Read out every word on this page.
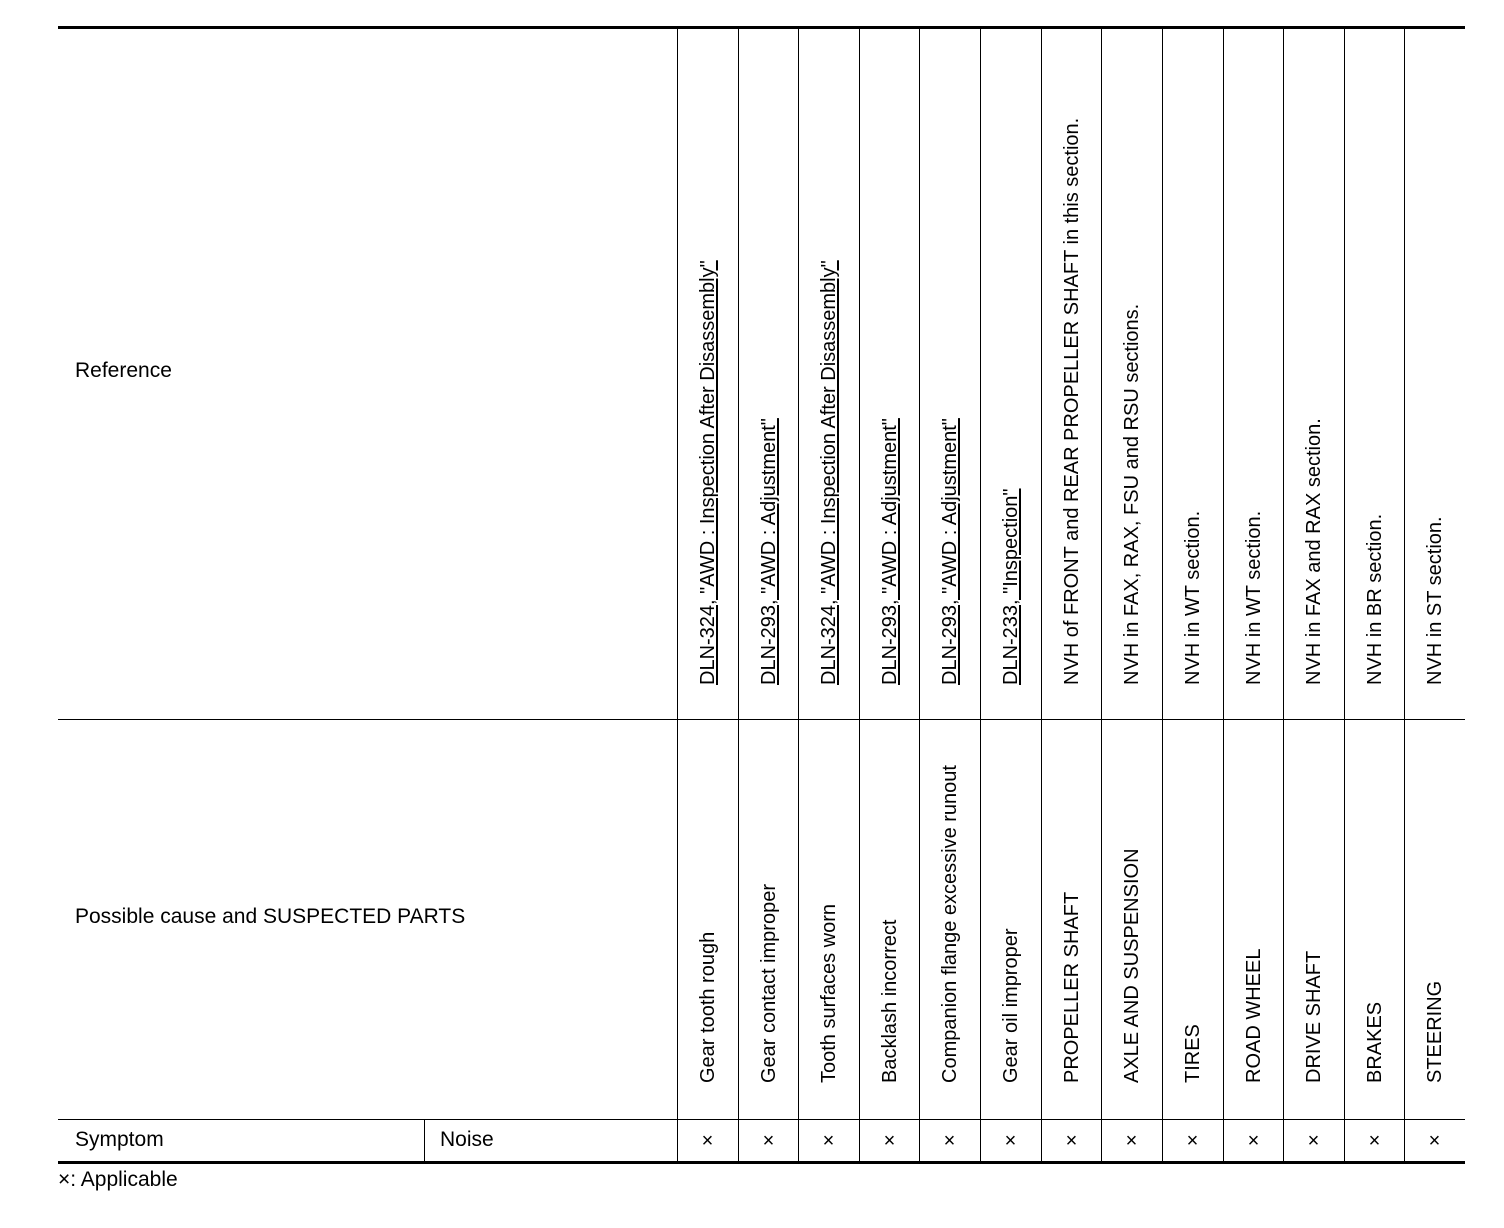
Reference
Possible cause and SUSPECTED PARTS
Symptom	Noise
DLN-324, "AWD : Inspection After Disassembly"
Gear tooth rough
×
DLN-293, "AWD : Adjustment"
Gear contact improper
×
DLN-324, "AWD : Inspection After Disassembly"
Tooth surfaces worn
×
DLN-293, "AWD : Adjustment"
Backlash incorrect
×
DLN-293, "AWD : Adjustment"
Companion flange excessive runout
×
DLN-233, "Inspection"
Gear oil improper
×
NVH of FRONT and REAR PROPELLER SHAFT in this section.
PROPELLER SHAFT
×
NVH in FAX, RAX, FSU and RSU sections.
AXLE AND SUSPENSION
×
NVH in WT section.
TIRES
×
NVH in WT section.
ROAD WHEEL
×
NVH in FAX and RAX section.
DRIVE SHAFT
×
NVH in BR section.
BRAKES
×
NVH in ST section.
STEERING
×
×: Applicable
